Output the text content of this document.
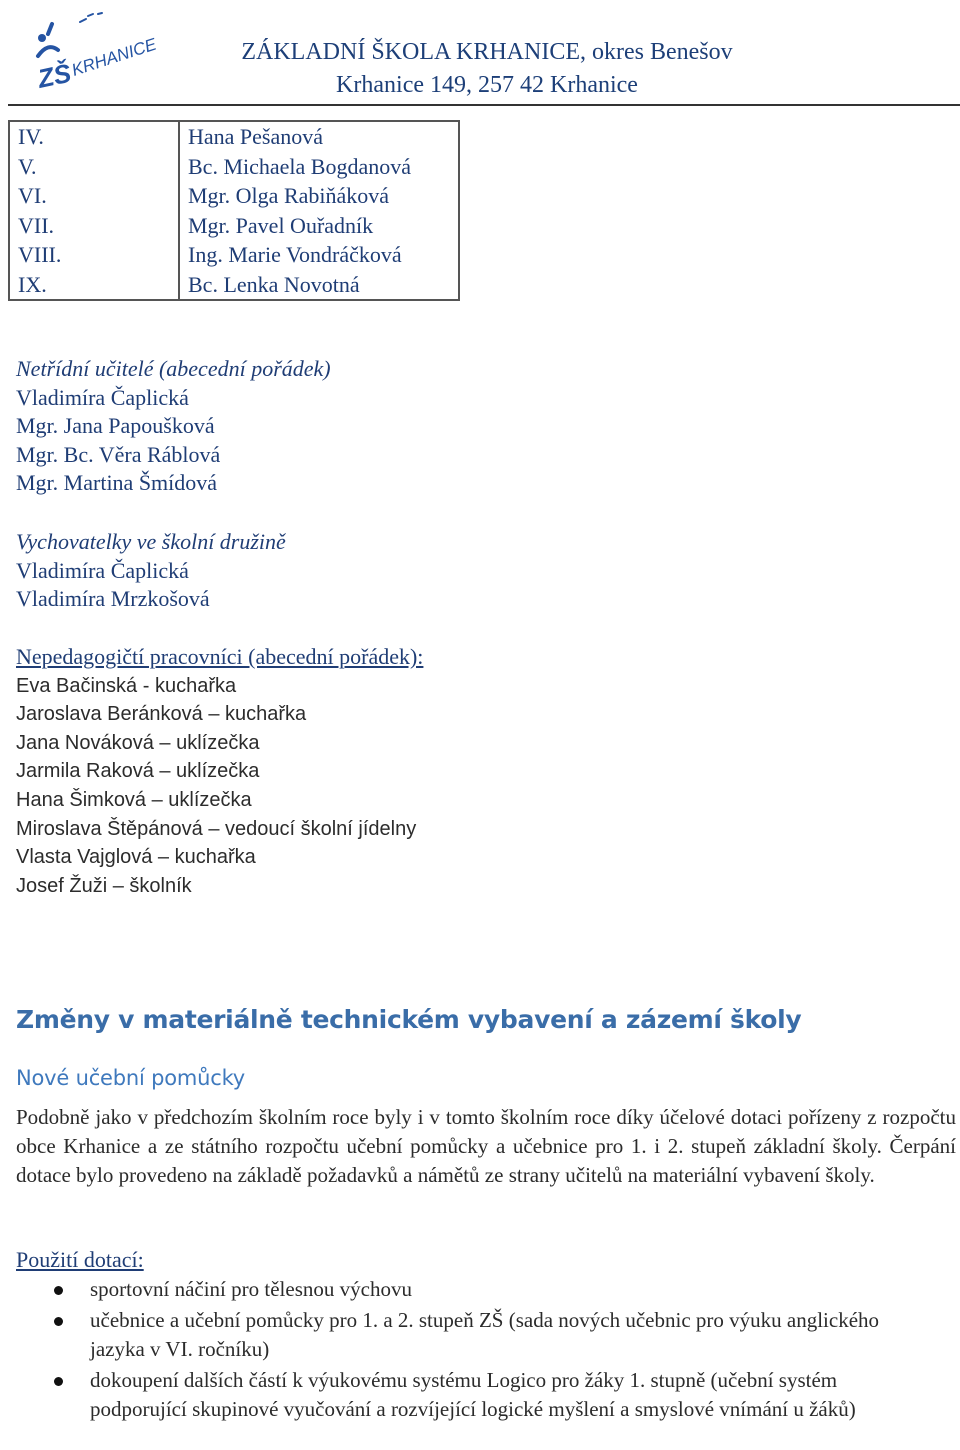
ZŠ
KRHANICE	ZÁKLADNÍ ŠKOLA KRHANICE, okres Benešov
Krhanice 149, 257 42 Krhanice
IV.	Hana Pešanová
V.	Bc. Michaela Bogdanová
VI.	Mgr. Olga Rabiňáková
VII.	Mgr. Pavel Ouřadník
VIII.	Ing. Marie Vondráčková
IX.	Bc. Lenka Novotná
Netřídní učitelé (abecední pořádek)
Vladimíra Čaplická
Mgr. Jana Papoušková
Mgr. Bc. Věra Ráblová
Mgr. Martina Šmídová
Vychovatelky ve školní družině
Vladimíra Čaplická
Vladimíra Mrzkošová
Nepedagogičtí pracovníci (abecední pořádek):
Eva Bačinská - kuchařka
Jaroslava Beránková – kuchařka
Jana Nováková – uklízečka
Jarmila Raková – uklízečka
Hana Šimková – uklízečka
Miroslava Štěpánová – vedoucí školní jídelny
Vlasta Vajglová – kuchařka
Josef Žuži – školník
Změny v materiálně technickém vybavení a zázemí školy
Nové učební pomůcky
Podobně jako v předchozím školním roce byly i v tomto školním roce díky účelové dotaci pořízeny z rozpočtu obce Krhanice a ze státního rozpočtu učební pomůcky a učebnice pro 1. i 2. stupeň základní školy. Čerpání dotace bylo provedeno na základě požadavků a námětů ze strany učitelů na materiální vybavení školy.
Použití dotací:
sportovní náčiní pro tělesnou výchovu
učebnice a učební pomůcky pro 1. a 2. stupeň ZŠ (sada nových učebnic pro výuku anglického jazyka v VI. ročníku)
dokoupení dalších částí k výukovému systému Logico pro žáky 1. stupně (učební systém podporující skupinové vyučování a rozvíjející logické myšlení a smyslové vnímání u žáků)
